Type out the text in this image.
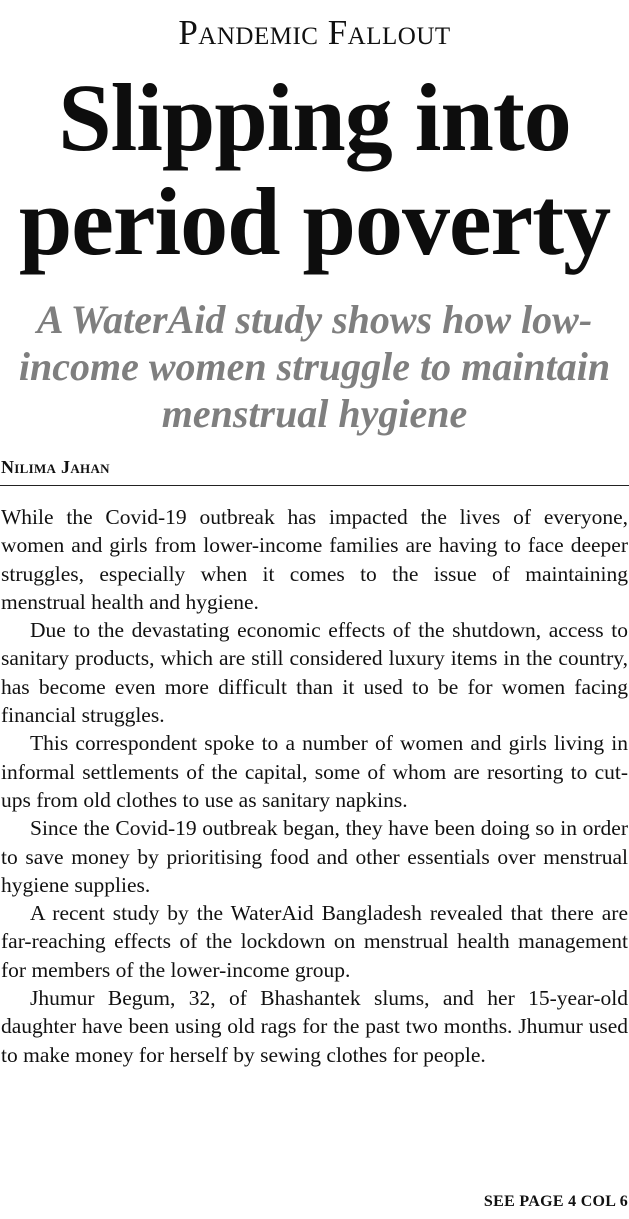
Pandemic Fallout
Slipping into period poverty
A WaterAid study shows how low-income women struggle to maintain menstrual hygiene
Nilima Jahan

While the Covid-19 outbreak has impacted the lives of everyone, women and girls from lower-income families are having to face deeper struggles, especially when it comes to the issue of maintaining menstrual health and hygiene.

Due to the devastating economic effects of the shutdown, access to sanitary products, which are still considered luxury items in the country, has become even more difficult than it used to be for women facing financial struggles.

This correspondent spoke to a number of women and girls living in informal settlements of the capital, some of whom are resorting to cut-ups from old clothes to use as sanitary napkins.

Since the Covid-19 outbreak began, they have been doing so in order to save money by prioritising food and other essentials over menstrual hygiene supplies.

A recent study by the WaterAid Bangladesh revealed that there are far-reaching effects of the lockdown on menstrual health management for members of the lower-income group.

Jhumur Begum, 32, of Bhashantek slums, and her 15-year-old daughter have been using old rags for the past two months. Jhumur used to make money for herself by sewing clothes for people.

SEE PAGE 4 COL 6
